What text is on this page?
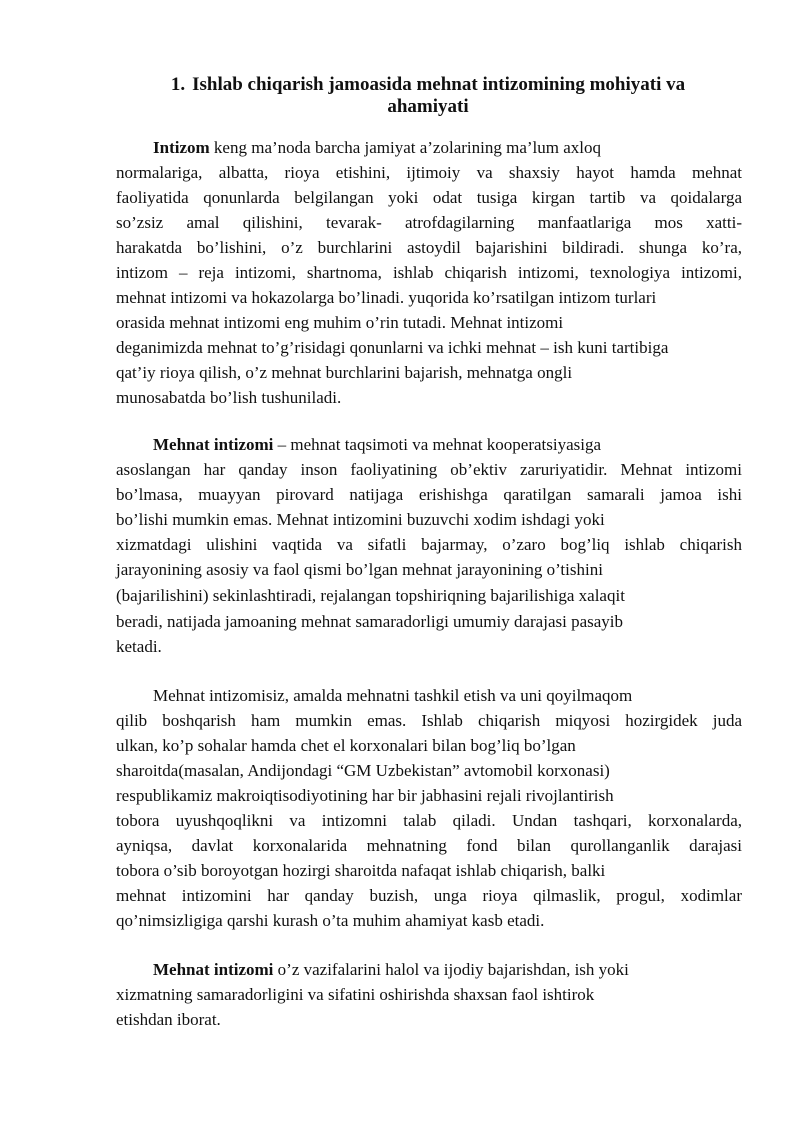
1. Ishlab chiqarish jamoasida mehnat intizomining mohiyati va
ahamiyati
Intizom keng ma’noda barcha jamiyat a’zolarining ma’lum axloq
normalariga, albatta, rioya etishini, ijtimoiy va shaxsiy hayot hamda mehnat
faoliyatida qonunlarda belgilangan yoki odat tusiga kirgan tartib va qoidalarga
so’zsiz amal qilishini, tevarak- atrofdagilarning manfaatlariga mos xatti-
harakatda bo’lishini, o’z burchlarini astoydil bajarishini bildiradi. shunga ko’ra,
intizom – reja intizomi, shartnoma, ishlab chiqarish intizomi, texnologiya intizomi,
mehnat intizomi va hokazolarga bo’linadi. yuqorida ko’rsatilgan intizom turlari
orasida mehnat intizomi eng muhim o’rin tutadi. Mehnat intizomi
deganimizda mehnat to’g’risidagi qonunlarni va ichki mehnat – ish kuni tartibiga
qat’iy rioya qilish, o’z mehnat burchlarini bajarish, mehnatga ongli
munosabatda bo’lish tushuniladi.
Mehnat intizomi – mehnat taqsimoti va mehnat kooperatsiyasiga
asoslangan har qanday inson faoliyatining ob’ektiv zaruriyatidir. Mehnat intizomi
bo’lmasa, muayyan pirovard natijaga erishishga qaratilgan samarali jamoa ishi
bo’lishi mumkin emas. Mehnat intizomini buzuvchi xodim ishdagi yoki
xizmatdagi ulishini vaqtida va sifatli bajarmay, o’zaro bog’liq ishlab chiqarish
jarayonining asosiy va faol qismi bo’lgan mehnat jarayonining o’tishini
(bajarilishini) sekinlashtiradi, rejalangan topshiriqning bajarilishiga xalaqit
beradi, natijada jamoaning mehnat samaradorligi umumiy darajasi pasayib
ketadi.
Mehnat intizomisiz, amalda mehnatni tashkil etish va uni qoyilmaqom
qilib boshqarish ham mumkin emas. Ishlab chiqarish miqyosi hozirgidek juda
ulkan, ko’p sohalar hamda chet el korxonalari bilan bog’liq bo’lgan
sharoitda(masalan, Andijondagi “GM Uzbekistan” avtomobil korxonasi)
respublikamiz makroiqtisodiyotining har bir jabhasini rejali rivojlantirish
tobora uyushqoqlikni va intizomni talab qiladi. Undan tashqari, korxonalarda,
ayniqsa, davlat korxonalarida mehnatning fond bilan qurollanganlik darajasi
tobora o’sib boroyotgan hozirgi sharoitda nafaqat ishlab chiqarish, balki
mehnat intizomini har qanday buzish, unga rioya qilmaslik, progul, xodimlar
qo’nimsizligiga qarshi kurash o’ta muhim ahamiyat kasb etadi.
Mehnat intizomi o’z vazifalarini halol va ijodiy bajarishdan, ish yoki
xizmatning samaradorligini va sifatini oshirishda shaxsan faol ishtirok
etishdan iborat.
